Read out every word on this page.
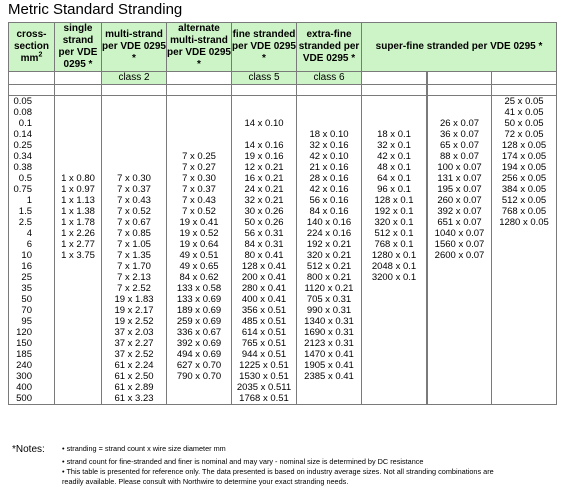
Metric Standard Stranding
cross-
section
$mm^2$	single strand per VDE 0295 *	multi-strand per VDE 0295 *	alternate multi-strand per VDE 0295 *	fine stranded per VDE 0295 *	extra-fine stranded per VDE 0295 *	super-fine stranded per VDE 0295 *		
		class 2		class 5	class 6				

0.05									25 x 0.05
0.08									41 x 0.05
0.1				14 x 0.10				26 x 0.07	50 x 0.05
0.14					18 x 0.10	18 x 0.1		36 x 0.07	72 x 0.05
0.25				14 x 0.16	32 x 0.16	32 x 0.1		65 x 0.07	128 x 0.05
0.34			7 x 0.25	19 x 0.16	42 x 0.10	42 x 0.1		88 x 0.07	174 x 0.05
0.38			7 x 0.27	12 x 0.21	21 x 0.16	48 x 0.1		100 x 0.07	194 x 0.05
0.5	1 x 0.80	7 x 0.30	7 x 0.30	16 x 0.21	28 x 0.16	64 x 0.1		131 x 0.07	256 x 0.05
0.75	1 x 0.97	7 x 0.37	7 x 0.37	24 x 0.21	42 x 0.16	96 x 0.1		195 x 0.07	384 x 0.05
1	1 x 1.13	7 x 0.43	7 x 0.43	32 x 0.21	56 x 0.16	128 x 0.1		260 x 0.07	512 x 0.05
1.5	1 x 1.38	7 x 0.52	7 x 0.52	30 x 0.26	84 x 0.16	192 x 0.1		392 x 0.07	768 x 0.05
2.5	1 x 1.78	7 x 0.67	19 x 0.41	50 x 0.26	140 x 0.16	320 x 0.1		651 x 0.07	1280 x 0.05
4	1 x 2.26	7 x 0.85	19 x 0.52	56 x 0.31	224 x 0.16	512 x 0.1		1040 x 0.07	
6	1 x 2.77	7 x 1.05	19 x 0.64	84 x 0.31	192 x 0.21	768 x 0.1		1560 x 0.07	
10	1 x 3.75	7 x 1.35	49 x 0.51	80 x 0.41	320 x 0.21	1280 x 0.1		2600 x 0.07	
16		7 x 1.70	49 x 0.65	128 x 0.41	512 x 0.21	2048 x 0.1			
25		7 x 2.13	84 x 0.62	200 x 0.41	800 x 0.21	3200 x 0.1			
35		7 x 2.52	133 x 0.58	280 x 0.41	1120 x 0.21				
50		19 x 1.83	133 x 0.69	400 x 0.41	705 x 0.31				
70		19 x 2.17	189 x 0.69	356 x 0.51	990 x 0.31				
95		19 x 2.52	259 x 0.69	485 x 0.51	1340 x 0.31				
120		37 x 2.03	336 x 0.67	614 x 0.51	1690 x 0.31				
150		37 x 2.27	392 x 0.69	765 x 0.51	2123 x 0.31				
185		37 x 2.52	494 x 0.69	944 x 0.51	1470 x 0.41				
240		61 x 2.24	627 x 0.70	1225 x 0.51	1905 x 0.41				
300		61 x 2.50	790 x 0.70	1530 x 0.51	2385 x 0.41				
400		61 x 2.89		2035 x 0.511					
500		61 x 3.23		1768 x 0.51					
*Notes: • stranding = strand count x wire size diameter mm
• strand count for fine-stranded and finer is nominal and may vary - nominal size is determined by DC resistance
• This table is presented for reference only. The data presented is based on industry average sizes. Not all stranding combinations are
readily available. Please consult with Northwire to determine your exact stranding needs.
